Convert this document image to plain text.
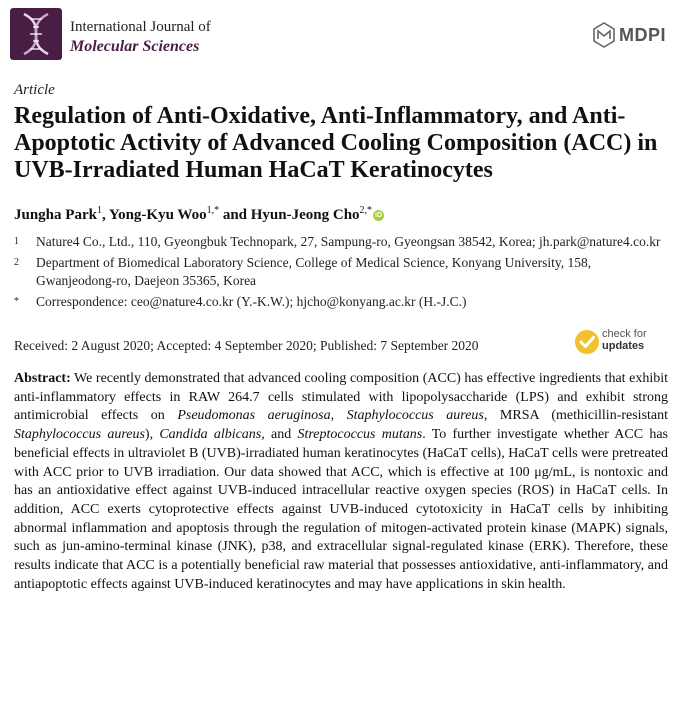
International Journal of
Molecular Sciences
MDPI
Article
Regulation of Anti-Oxidative, Anti-Inflammatory, and Anti-Apoptotic Activity of Advanced Cooling Composition (ACC) in UVB-Irradiated Human HaCaT Keratinocytes
Jungha Park$^1$, Yong-Kyu Woo$^{1,*}$ and Hyun-Jeong Cho$^{2,*}$ iD
1	Nature4 Co., Ltd., 110, Gyeongbuk Technopark, 27, Sampung-ro, Gyeongsan 38542, Korea; jh.park@nature4.co.kr
2	Department of Biomedical Laboratory Science, College of Medical Science, Konyang University, 158, Gwanjeodong-ro, Daejeon 35365, Korea
*	Correspondence: ceo@nature4.co.kr (Y.-K.W.); hjcho@konyang.ac.kr (H.-J.C.)
Received: 2 August 2020; Accepted: 4 September 2020; Published: 7 September 2020
check for
updates
Abstract: We recently demonstrated that advanced cooling composition (ACC) has effective ingredients that exhibit anti-inflammatory effects in RAW 264.7 cells stimulated with lipopolysaccharide (LPS) and exhibit strong antimicrobial effects on Pseudomonas aeruginosa, Staphylococcus aureus, MRSA (methicillin-resistant Staphylococcus aureus), Candida albicans, and Streptococcus mutans. To further investigate whether ACC has beneficial effects in ultraviolet B (UVB)-irradiated human keratinocytes (HaCaT cells), HaCaT cells were pretreated with ACC prior to UVB irradiation. Our data showed that ACC, which is effective at 100 μg/mL, is nontoxic and has an antioxidative effect against UVB-induced intracellular reactive oxygen species (ROS) in HaCaT cells. In addition, ACC exerts cytoprotective effects against UVB-induced cytotoxicity in HaCaT cells by inhibiting abnormal inflammation and apoptosis through the regulation of mitogen-activated protein kinase (MAPK) signals, such as jun-amino-terminal kinase (JNK), p38, and extracellular signal-regulated kinase (ERK). Therefore, these results indicate that ACC is a potentially beneficial raw material that possesses antioxidative, anti-inflammatory, and antiapoptotic effects against UVB-induced keratinocytes and may have applications in skin health.
